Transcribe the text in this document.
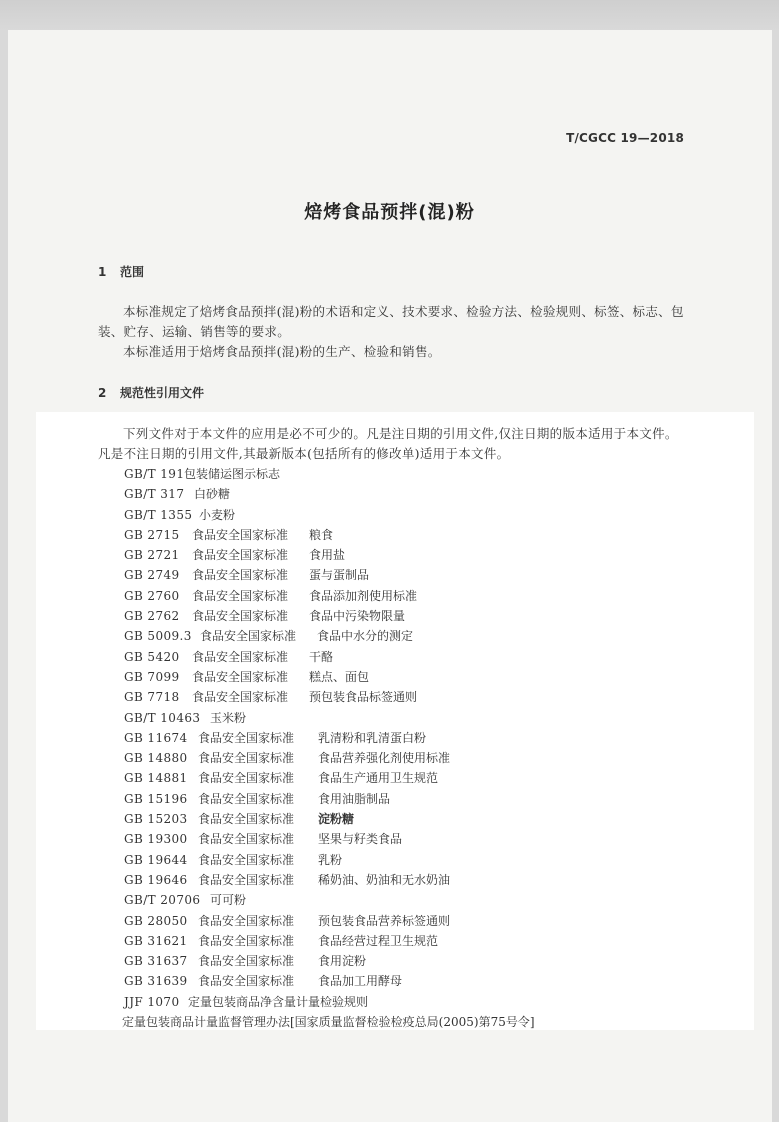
T/CGCC 19—2018
焙烤食品预拌(混)粉
1 范围
本标准规定了焙烤食品预拌(混)粉的术语和定义、技术要求、检验方法、检验规则、标签、标志、包装、贮存、运输、销售等的要求。
本标准适用于焙烤食品预拌(混)粉的生产、检验和销售。
2 规范性引用文件
下列文件对于本文件的应用是必不可少的。凡是注日期的引用文件,仅注日期的版本适用于本文件。凡是不注日期的引用文件,其最新版本(包括所有的修改单)适用于本文件。
GB/T 191包装储运图示标志
GB/T 317 白砂糖
GB/T 1355 小麦粉
GB 2715 食品安全国家标准 粮食
GB 2721 食品安全国家标准 食用盐
GB 2749 食品安全国家标准 蛋与蛋制品
GB 2760 食品安全国家标准 食品添加剂使用标准
GB 2762 食品安全国家标准 食品中污染物限量
GB 5009.3 食品安全国家标准 食品中水分的测定
GB 5420 食品安全国家标准 干酪
GB 7099 食品安全国家标准 糕点、面包
GB 7718 食品安全国家标准 预包装食品标签通则
GB/T 10463 玉米粉
GB 11674 食品安全国家标准 乳清粉和乳清蛋白粉
GB 14880 食品安全国家标准 食品营养强化剂使用标准
GB 14881 食品安全国家标准 食品生产通用卫生规范
GB 15196 食品安全国家标准 食用油脂制品
GB 15203 食品安全国家标准 淀粉糖
GB 19300 食品安全国家标准 坚果与籽类食品
GB 19644 食品安全国家标准 乳粉
GB 19646 食品安全国家标准 稀奶油、奶油和无水奶油
GB/T 20706 可可粉
GB 28050 食品安全国家标准 预包装食品营养标签通则
GB 31621 食品安全国家标准 食品经营过程卫生规范
GB 31637 食品安全国家标准 食用淀粉
GB 31639 食品安全国家标准 食品加工用酵母
JJF 1070 定量包装商品净含量计量检验规则
定量包装商品计量监督管理办法[国家质量监督检验检疫总局(2005)第75号令]
